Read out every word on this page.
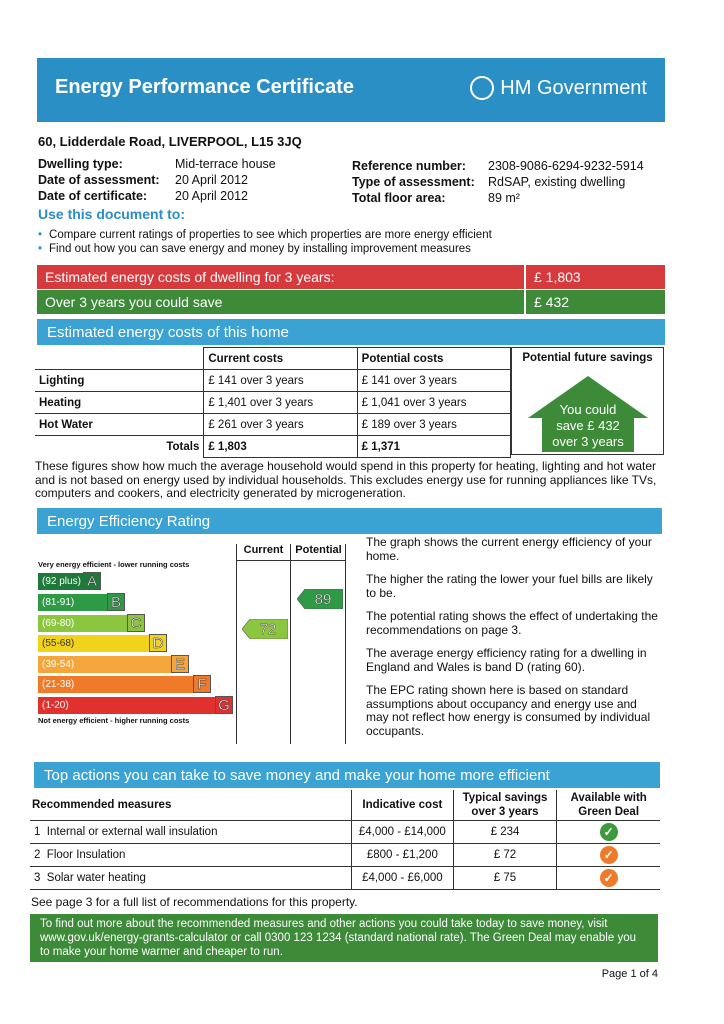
Energy Performance Certificate	HM Government
60, Lidderdale Road, LIVERPOOL, L15 3JQ
Dwelling type:	Mid-terrace house
Date of assessment:	20 April 2012
Date of certificate:	20 April 2012
Reference number:	2308-9086-6294-9232-5914
Type of assessment:	RdSAP, existing dwelling
Total floor area:	89 m²
Use this document to:
• Compare current ratings of properties to see which properties are more energy efficient
• Find out how you can save energy and money by installing improvement measures
Estimated energy costs of dwelling for 3 years:	£ 1,803
Over 3 years you could save	£ 432
Estimated energy costs of this home
	Current costs	Potential costs
Lighting	£ 141 over 3 years	£ 141 over 3 years
Heating	£ 1,401 over 3 years	£ 1,041 over 3 years
Hot Water	£ 261 over 3 years	£ 189 over 3 years
Totals	£ 1,803	£ 1,371
Potential future savings
You could
save £ 432
over 3 years
These figures show how much the average household would spend in this property for heating, lighting and hot water and is not based on energy used by individual households. This excludes energy use for running appliances like TVs, computers and cookers, and electricity generated by microgeneration.
Energy Efficiency Rating
Current	Potential
Very energy efficient - lower running costs
(92 plus) A
(81-91) B
(69-80)	C
(55-68)	D
(39-54)	E
(21-38)	F
(1-20)	G
Not energy efficient - higher running costs
72
89
The graph shows the current energy efficiency of your home.
The higher the rating the lower your fuel bills are likely to be.
The potential rating shows the effect of undertaking the recommendations on page 3.
The average energy efficiency rating for a dwelling in England and Wales is band D (rating 60).
The EPC rating shown here is based on standard assumptions about occupancy and energy use and may not reflect how energy is consumed by individual occupants.
Top actions you can take to save money and make your home more efficient
Recommended measures	Indicative cost	Typical savings over 3 years	Available with Green Deal
1 Internal or external wall insulation	£4,000 - £14,000	£ 234	✓
2 Floor Insulation	£800 - £1,200	£ 72	✓
3 Solar water heating	£4,000 - £6,000	£ 75	✓
See page 3 for a full list of recommendations for this property.
To find out more about the recommended measures and other actions you could take today to save money, visit www.gov.uk/energy-grants-calculator or call 0300 123 1234 (standard national rate). The Green Deal may enable you to make your home warmer and cheaper to run.
Page 1 of 4
